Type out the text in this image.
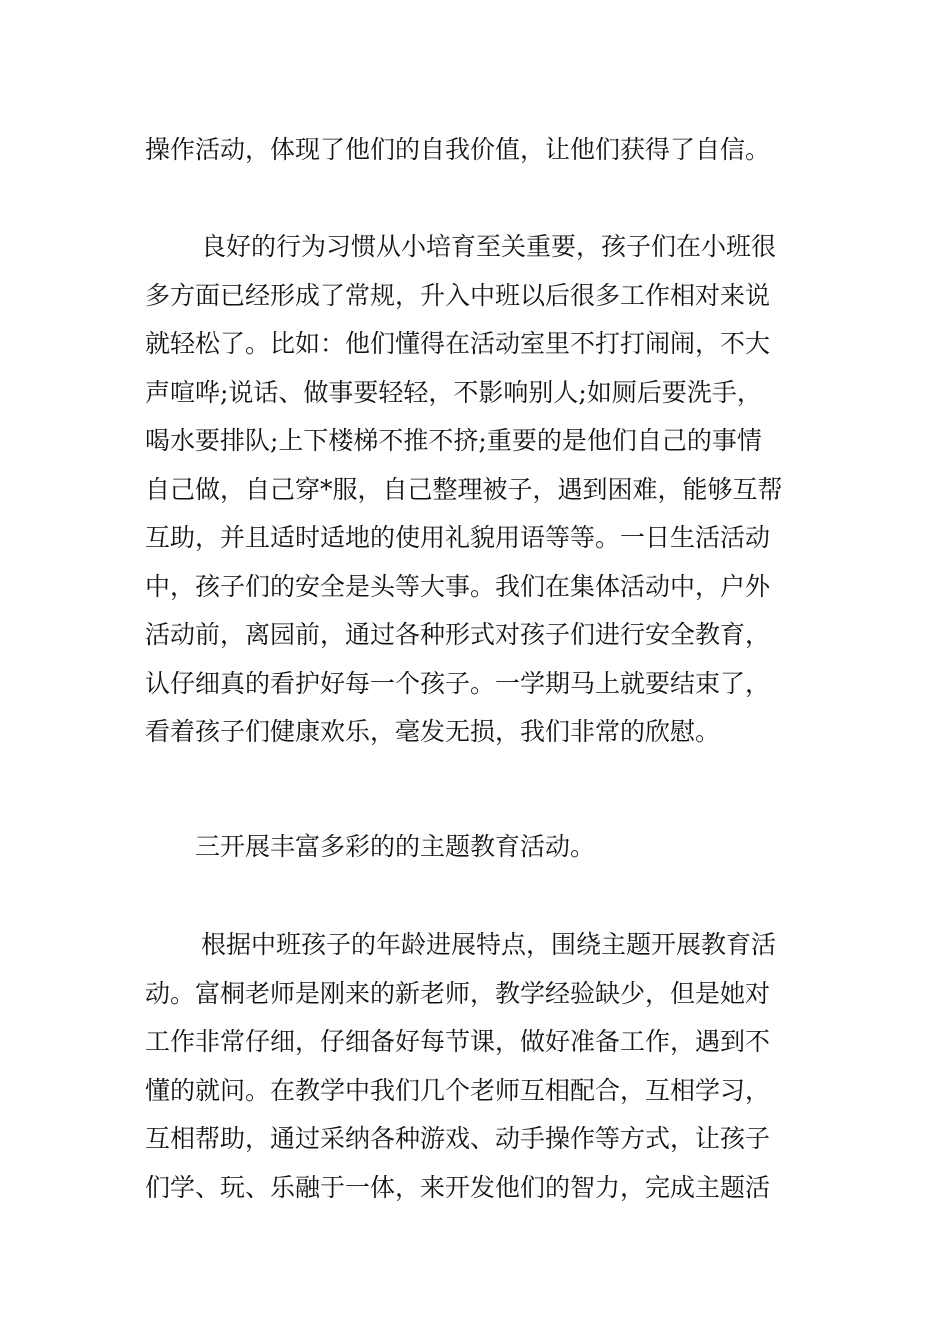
操作活动，体现了他们的自我价值，让他们获得了自信。

良好的行为习惯从小培育至关重要，孩子们在小班很
多方面已经形成了常规，升入中班以后很多工作相对来说
就轻松了。比如：他们懂得在活动室里不打打闹闹，不大
声喧哗;说话、做事要轻轻，不影响别人;如厕后要洗手，
喝水要排队;上下楼梯不推不挤;重要的是他们自己的事情
自己做，自己穿*服，自己整理被子，遇到困难，能够互帮
互助，并且适时适地的使用礼貌用语等等。一日生活活动
中，孩子们的安全是头等大事。我们在集体活动中，户外
活动前，离园前，通过各种形式对孩子们进行安全教育，
认仔细真的看护好每一个孩子。一学期马上就要结束了，
看着孩子们健康欢乐，毫发无损，我们非常的欣慰。

三开展丰富多彩的的主题教育活动。

根据中班孩子的年龄进展特点，围绕主题开展教育活
动。富桐老师是刚来的新老师，教学经验缺少，但是她对
工作非常仔细，仔细备好每节课，做好准备工作，遇到不
懂的就问。在教学中我们几个老师互相配合，互相学习，
互相帮助，通过采纳各种游戏、动手操作等方式，让孩子
们学、玩、乐融于一体，来开发他们的智力，完成主题活
